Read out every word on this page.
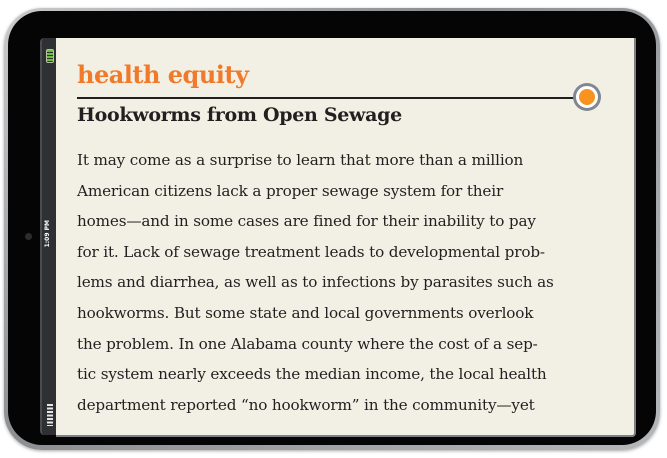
1:09 PM
health equity
Hookworms from Open Sewage
It may come as a surprise to learn that more than a million
American citizens lack a proper sewage system for their
homes—and in some cases are fined for their inability to pay
for it. Lack of sewage treatment leads to developmental prob-
lems and diarrhea, as well as to infections by parasites such as
hookworms. But some state and local governments overlook
the problem. In one Alabama county where the cost of a sep-
tic system nearly exceeds the median income, the local health
department reported “no hookworm” in the community—yet
